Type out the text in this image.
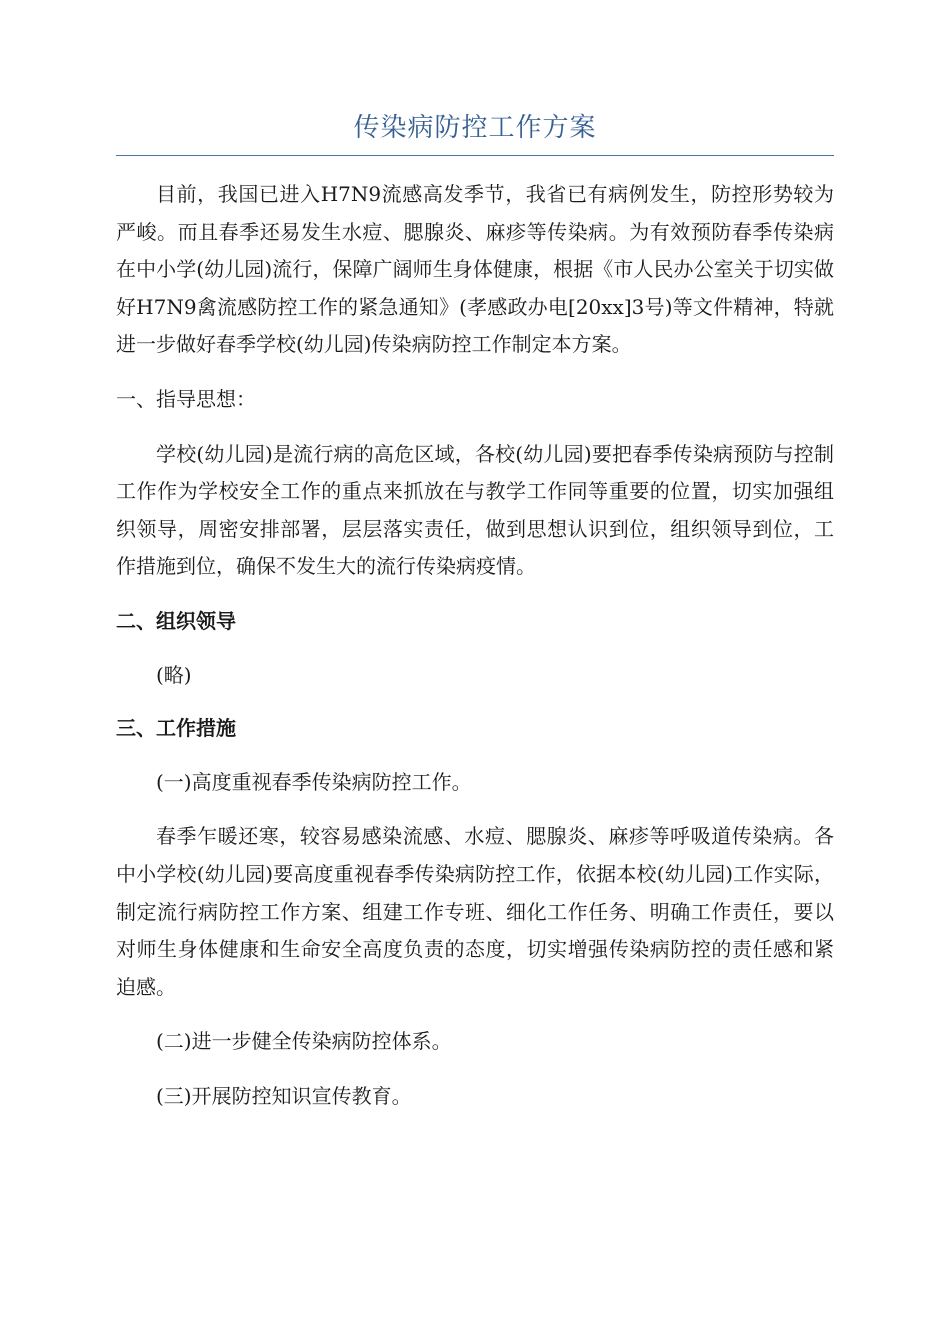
传染病防控工作方案

目前，我国已进入H7N9流感高发季节，我省已有病例发生，防控形势较为严峻。而且春季还易发生水痘、腮腺炎、麻疹等传染病。为有效预防春季传染病在中小学(幼儿园)流行，保障广阔师生身体健康，根据《市人民办公室关于切实做好H7N9禽流感防控工作的紧急通知》(孝感政办电[20xx]3号)等文件精神，特就进一步做好春季学校(幼儿园)传染病防控工作制定本方案。

一、指导思想：

学校(幼儿园)是流行病的高危区域，各校(幼儿园)要把春季传染病预防与控制工作作为学校安全工作的重点来抓放在与教学工作同等重要的位置，切实加强组织领导，周密安排部署，层层落实责任，做到思想认识到位，组织领导到位，工作措施到位，确保不发生大的流行传染病疫情。

二、组织领导

(略)

三、工作措施

(一)高度重视春季传染病防控工作。

春季乍暖还寒，较容易感染流感、水痘、腮腺炎、麻疹等呼吸道传染病。各中小学校(幼儿园)要高度重视春季传染病防控工作，依据本校(幼儿园)工作实际，制定流行病防控工作方案、组建工作专班、细化工作任务、明确工作责任，要以对师生身体健康和生命安全高度负责的态度，切实增强传染病防控的责任感和紧迫感。

(二)进一步健全传染病防控体系。

(三)开展防控知识宣传教育。
